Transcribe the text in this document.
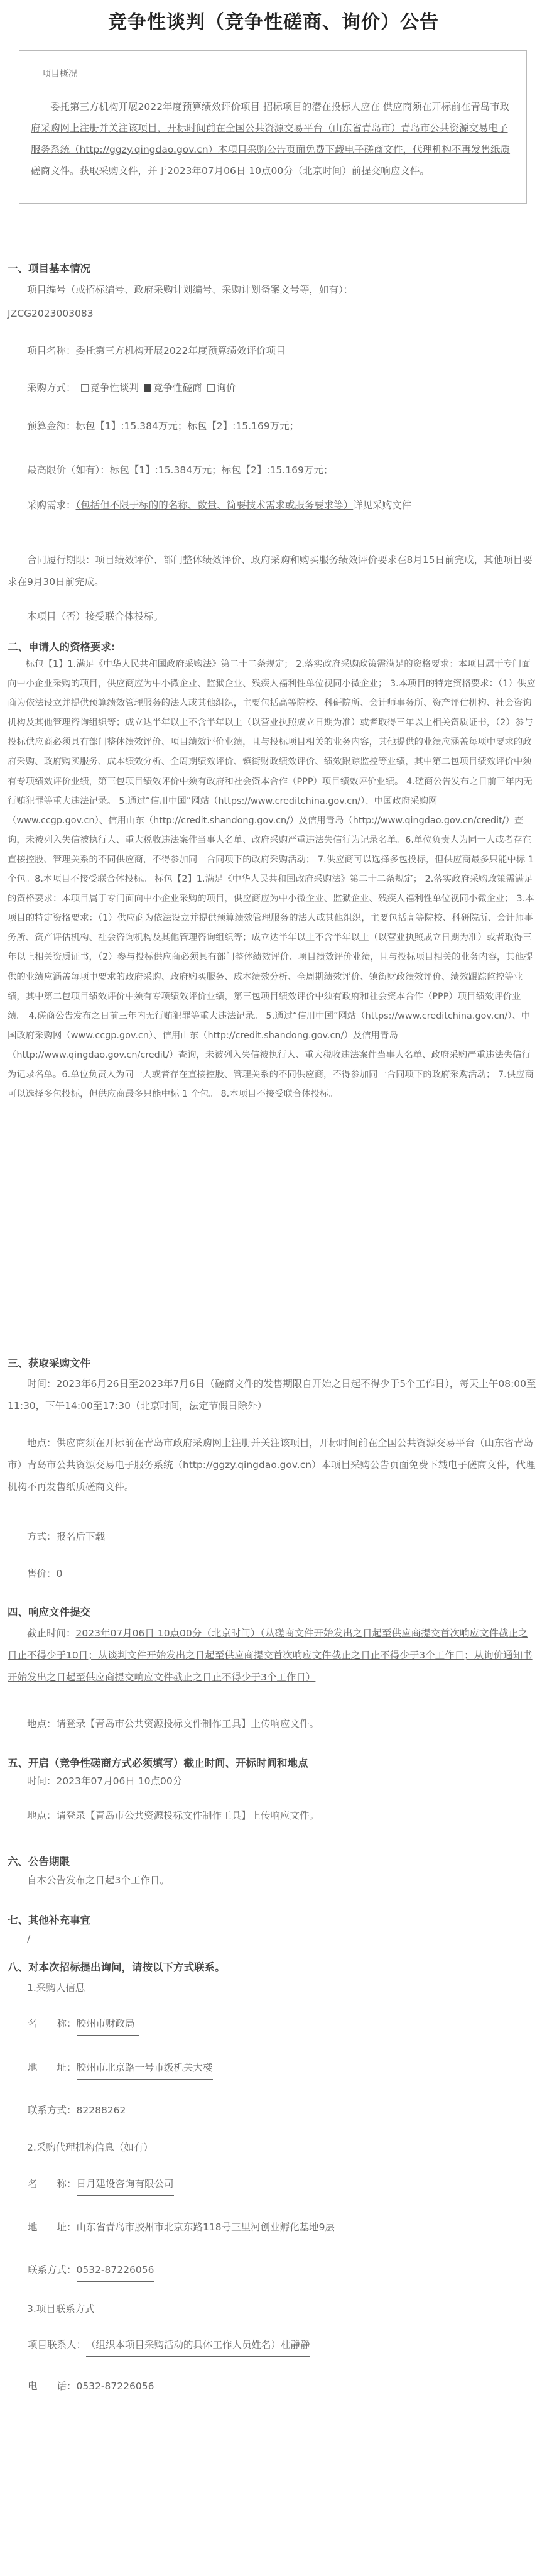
竞争性谈判（竞争性磋商、询价）公告
项目概况
委托第三方机构开展2022年度预算绩效评价项目 招标项目的潜在投标人应在 供应商须在开标前在青岛市政府采购网上注册并关注该项目，开标时间前在全国公共资源交易平台（山东省青岛市）青岛市公共资源交易电子服务系统（http://ggzy.qingdao.gov.cn）本项目采购公告页面免费下载电子磋商文件，代理机构不再发售纸质磋商文件。获取采购文件，并于2023年07月06日 10点00分（北京时间）前提交响应文件。
一、项目基本情况
项目编号（或招标编号、政府采购计划编号、采购计划备案文号等，如有）：
JZCG2023003083
项目名称：委托第三方机构开展2022年度预算绩效评价项目
采购方式： 竞争性谈判 竞争性磋商 询价
预算金额：标包【1】:15.384万元；标包【2】:15.169万元；
最高限价（如有）：标包【1】:15.384万元；标包【2】:15.169万元；
采购需求：（包括但不限于标的的名称、数量、简要技术需求或服务要求等）详见采购文件
合同履行期限：项目绩效评价、部门整体绩效评价、政府采购和购买服务绩效评价要求在8月15日前完成，其他项目要求在9月30日前完成。
本项目（否）接受联合体投标。
二、申请人的资格要求:
标包【1】1.满足《中华人民共和国政府采购法》第二十二条规定； 2.落实政府采购政策需满足的资格要求：本项目属于专门面向中小企业采购的项目，供应商应为中小微企业、监狱企业、残疾人福利性单位视同小微企业； 3.本项目的特定资格要求：（1）供应商为依法设立并提供预算绩效管理服务的法人或其他组织，主要包括高等院校、科研院所、会计师事务所、资产评估机构、社会咨询机构及其他管理咨询组织等；成立达半年以上不含半年以上（以营业执照成立日期为准）或者取得三年以上相关资质证书，（2）参与投标供应商必须具有部门整体绩效评价、项目绩效评价业绩，且与投标项目相关的业务内容，其他提供的业绩应涵盖每项中要求的政府采购、政府购买服务、成本绩效分析、全周期绩效评价、镇街财政绩效评价、绩效跟踪监控等业绩，其中第二包项目绩效评价中须有专项绩效评价业绩，第三包项目绩效评价中须有政府和社会资本合作（PPP）项目绩效评价业绩。 4.磋商公告发布之日前三年内无行贿犯罪等重大违法记录。 5.通过“信用中国”网站（https://www.creditchina.gov.cn/）、中国政府采购网（www.ccgp.gov.cn）、信用山东（http://credit.shandong.gov.cn/）及信用青岛（http://www.qingdao.gov.cn/credit/）查询，未被列入失信被执行人、重大税收违法案件当事人名单、政府采购严重违法失信行为记录名单。6.单位负责人为同一人或者存在直接控股、管理关系的不同供应商，不得参加同一合同项下的政府采购活动； 7.供应商可以选择多包投标，但供应商最多只能中标 1 个包。8.本项目不接受联合体投标。 标包【2】1.满足《中华人民共和国政府采购法》第二十二条规定； 2.落实政府采购政策需满足的资格要求：本项目属于专门面向中小企业采购的项目，供应商应为中小微企业、监狱企业、残疾人福利性单位视同小微企业； 3.本项目的特定资格要求：（1）供应商为依法设立并提供预算绩效管理服务的法人或其他组织，主要包括高等院校、科研院所、会计师事务所、资产评估机构、社会咨询机构及其他管理咨询组织等；成立达半年以上不含半年以上（以营业执照成立日期为准）或者取得三年以上相关资质证书，（2）参与投标供应商必须具有部门整体绩效评价、项目绩效评价业绩，且与投标项目相关的业务内容，其他提供的业绩应涵盖每项中要求的政府采购、政府购买服务、成本绩效分析、全周期绩效评价、镇街财政绩效评价、绩效跟踪监控等业绩，其中第二包项目绩效评价中须有专项绩效评价业绩，第三包项目绩效评价中须有政府和社会资本合作（PPP）项目绩效评价业绩。 4.磋商公告发布之日前三年内无行贿犯罪等重大违法记录。 5.通过“信用中国”网站（https://www.creditchina.gov.cn/）、中国政府采购网（www.ccgp.gov.cn）、信用山东（http://credit.shandong.gov.cn/）及信用青岛（http://www.qingdao.gov.cn/credit/）查询，未被列入失信被执行人、重大税收违法案件当事人名单、政府采购严重违法失信行为记录名单。6.单位负责人为同一人或者存在直接控股、管理关系的不同供应商，不得参加同一合同项下的政府采购活动； 7.供应商可以选择多包投标，但供应商最多只能中标 1 个包。 8.本项目不接受联合体投标。
三、获取采购文件
时间：2023年6月26日至2023年7月6日（磋商文件的发售期限自开始之日起不得少于5个工作日），每天上午08:00至11:30，下午14:00至17:30（北京时间，法定节假日除外）
地点：供应商须在开标前在青岛市政府采购网上注册并关注该项目，开标时间前在全国公共资源交易平台（山东省青岛市）青岛市公共资源交易电子服务系统（http://ggzy.qingdao.gov.cn）本项目采购公告页面免费下载电子磋商文件，代理机构不再发售纸质磋商文件。
方式：报名后下载
售价：0
四、响应文件提交
截止时间：2023年07月06日 10点00分（北京时间）（从磋商文件开始发出之日起至供应商提交首次响应文件截止之日止不得少于10日；从谈判文件开始发出之日起至供应商提交首次响应文件截止之日止不得少于3个工作日；从询价通知书开始发出之日起至供应商提交响应文件截止之日止不得少于3个工作日）
地点：请登录【青岛市公共资源投标文件制作工具】上传响应文件。
五、开启（竞争性磋商方式必须填写）截止时间、开标时间和地点
时间：2023年07月06日 10点00分
地点：请登录【青岛市公共资源投标文件制作工具】上传响应文件。
六、公告期限
自本公告发布之日起3个工作日。
七、其他补充事宜
/
八、对本次招标提出询问，请按以下方式联系。
1.采购人信息
名　　称：胶州市财政局
地　　址：胶州市北京路一号市级机关大楼
联系方式：82288262
2.采购代理机构信息（如有）
名　　称：日月建设咨询有限公司
地　　址：山东省青岛市胶州市北京东路118号三里河创业孵化基地9层
联系方式：0532-87226056
3.项目联系方式
项目联系人：（组织本项目采购活动的具体工作人员姓名）杜静静
电　　话：0532-87226056
